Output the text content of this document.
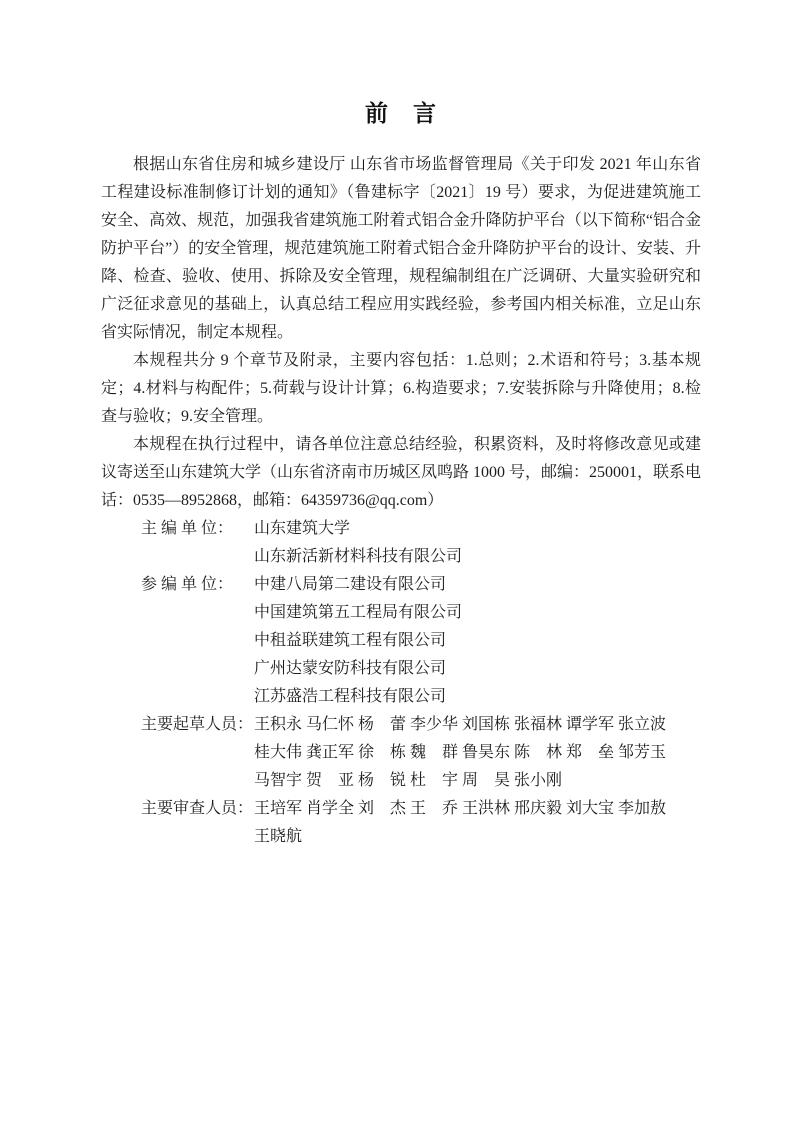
前　言

根据山东省住房和城乡建设厅 山东省市场监督管理局《关于印发 2021 年山东省工程建设标准制修订计划的通知》（鲁建标字〔2021〕19 号）要求，为促进建筑施工安全、高效、规范，加强我省建筑施工附着式铝合金升降防护平台（以下简称“铝合金防护平台”）的安全管理，规范建筑施工附着式铝合金升降防护平台的设计、安装、升降、检查、验收、使用、拆除及安全管理，规程编制组在广泛调研、大量实验研究和广泛征求意见的基础上，认真总结工程应用实践经验，参考国内相关标准，立足山东省实际情况，制定本规程。

本规程共分 9 个章节及附录，主要内容包括：1.总则；2.术语和符号；3.基本规定；4.材料与构配件；5.荷载与设计计算；6.构造要求；7.安装拆除与升降使用；8.检查与验收；9.安全管理。

本规程在执行过程中，请各单位注意总结经验，积累资料，及时将修改意见或建议寄送至山东建筑大学（山东省济南市历城区凤鸣路 1000 号，邮编：250001，联系电话：0535—8952868，邮箱：64359736@qq.com）

主 编 单 位：	山东建筑大学
山东新活新材料科技有限公司
参 编 单 位：	中建八局第二建设有限公司
中国建筑第五工程局有限公司
中租益联建筑工程有限公司
广州达蒙安防科技有限公司
江苏盛浩工程科技有限公司
主要起草人员： 王积永 马仁怀 杨　蕾 李少华 刘国栋 张福林 谭学军 张立波
桂大伟 龚正军 徐　栋 魏　群 鲁昊东 陈　林 郑　垒 邹芳玉
马智宇 贺　亚 杨　锐 杜　宇 周　昊 张小刚
主要审查人员： 王培军 肖学全 刘　杰 王　乔 王洪林 邢庆毅 刘大宝 李加敖
王晓航
